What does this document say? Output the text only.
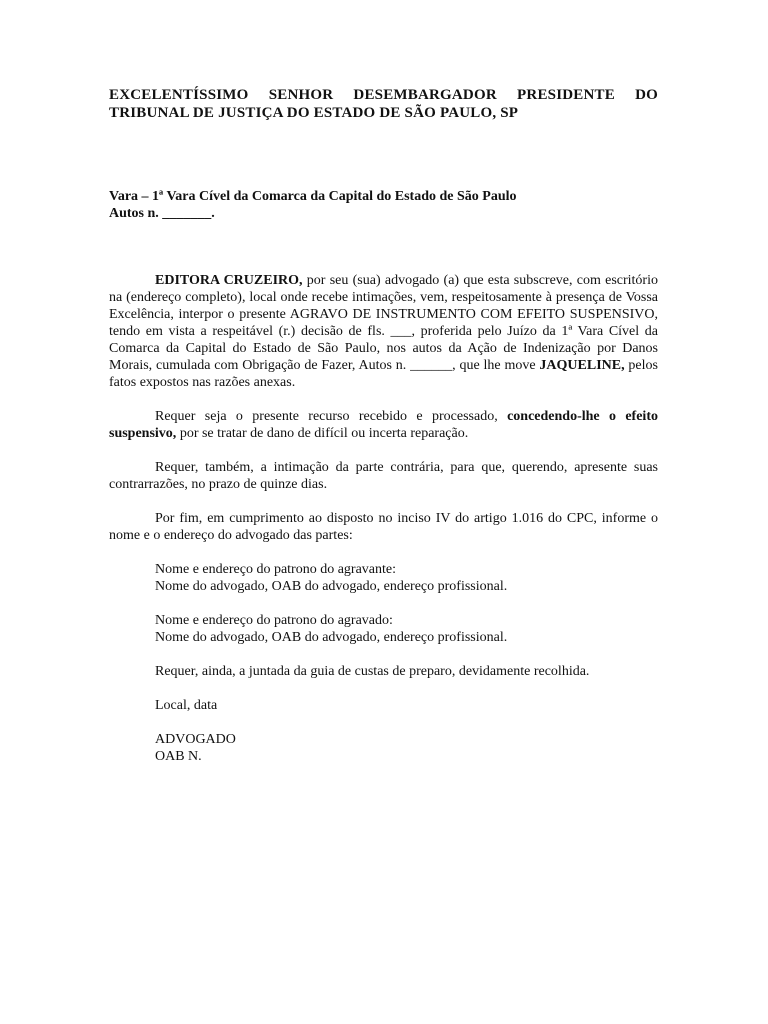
EXCELENTÍSSIMO SENHOR DESEMBARGADOR PRESIDENTE DO
TRIBUNAL DE JUSTIÇA DO ESTADO DE SÃO PAULO, SP
Vara – 1ª Vara Cível da Comarca da Capital do Estado de São Paulo
Autos n. _______.

EDITORA CRUZEIRO, por seu (sua) advogado (a) que esta subscreve, com escritório na (endereço completo), local onde recebe intimações, vem, respeitosamente à presença de Vossa Excelência, interpor o presente AGRAVO DE INSTRUMENTO COM EFEITO SUSPENSIVO, tendo em vista a respeitável (r.) decisão de fls. ___, proferida pelo Juízo da 1ª Vara Cível da Comarca da Capital do Estado de São Paulo, nos autos da Ação de Indenização por Danos Morais, cumulada com Obrigação de Fazer, Autos n. ______, que lhe move JAQUELINE, pelos fatos expostos nas razões anexas.

Requer seja o presente recurso recebido e processado, concedendo-lhe o efeito suspensivo, por se tratar de dano de difícil ou incerta reparação.

Requer, também, a intimação da parte contrária, para que, querendo, apresente suas contrarrazões, no prazo de quinze dias.

Por fim, em cumprimento ao disposto no inciso IV do artigo 1.016 do CPC, informe o nome e o endereço do advogado das partes:

Nome e endereço do patrono do agravante:
Nome do advogado, OAB do advogado, endereço profissional.
Nome e endereço do patrono do agravado:
Nome do advogado, OAB do advogado, endereço profissional.
Requer, ainda, a juntada da guia de custas de preparo, devidamente recolhida.
Local, data
ADVOGADO
OAB N.
